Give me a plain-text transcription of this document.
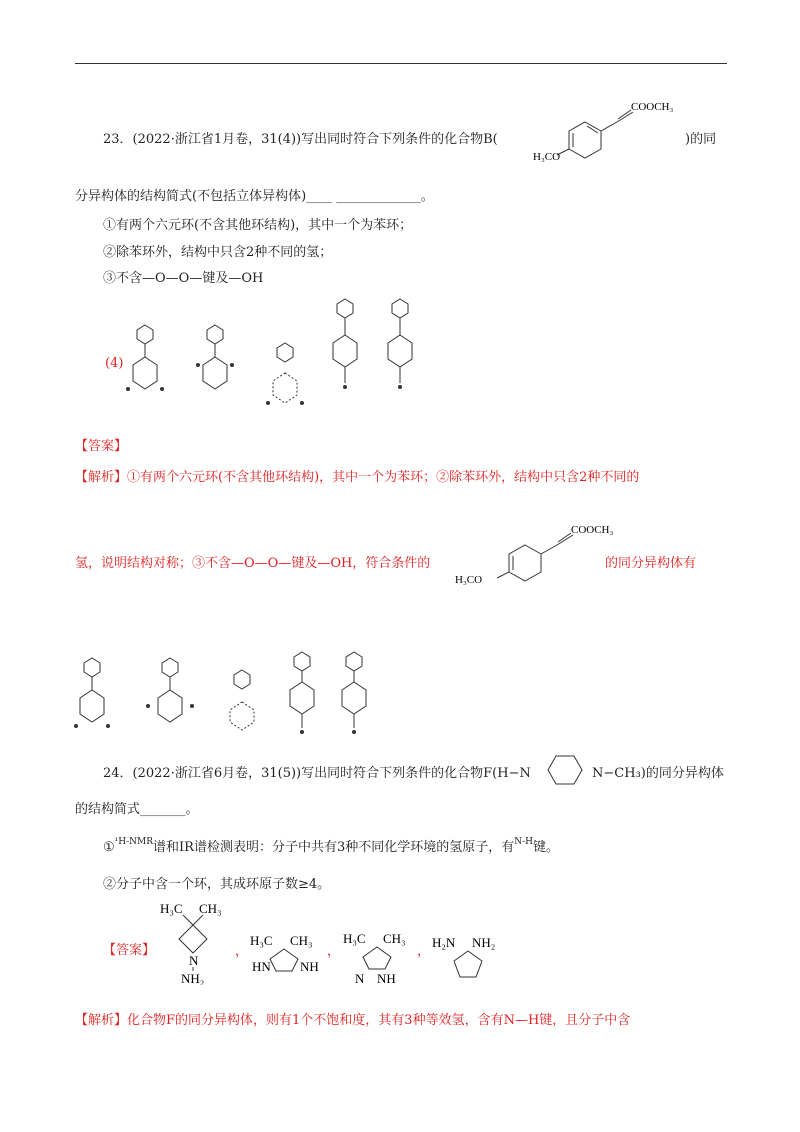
23．(2022·浙江省1月卷，31(4))写出同时符合下列条件的化合物B(
COOCH₃
H₃CO
)的同
分异构体的结构简式(不包括立体异构体)____ _____________。
①有两个六元环(不含其他环结构)，其中一个为苯环；
②除苯环外，结构中只含2种不同的氢；
③不含—O—O—键及—OH
(4)
【答案】
【解析】①有两个六元环(不含其他环结构)，其中一个为苯环；②除苯环外，结构中只含2种不同的
氢，说明结构对称；③不含—O—O—键及—OH，符合条件的
COOCH₃
H₃CO
的同分异构体有
24．(2022·浙江省6月卷，31(5))写出同时符合下列条件的化合物F(H−N	N−CH₃)的同分异构体
的结构简式_______。
①$^{^1H-NMR}$谱和IR谱检测表明：分子中共有3种不同化学环境的氢原子，有$^{N-H}$键。
②分子中含一个环，其成环原子数≥4。
【答案】
H₃C CH₃
N
NH₂
，
H₃C CH₃
HN NH
，
H₃C CH₃
N NH
，
H₂N NH₂
【解析】化合物F的同分异构体，则有1个不饱和度，其有3种等效氢，含有N—H键，且分子中含
